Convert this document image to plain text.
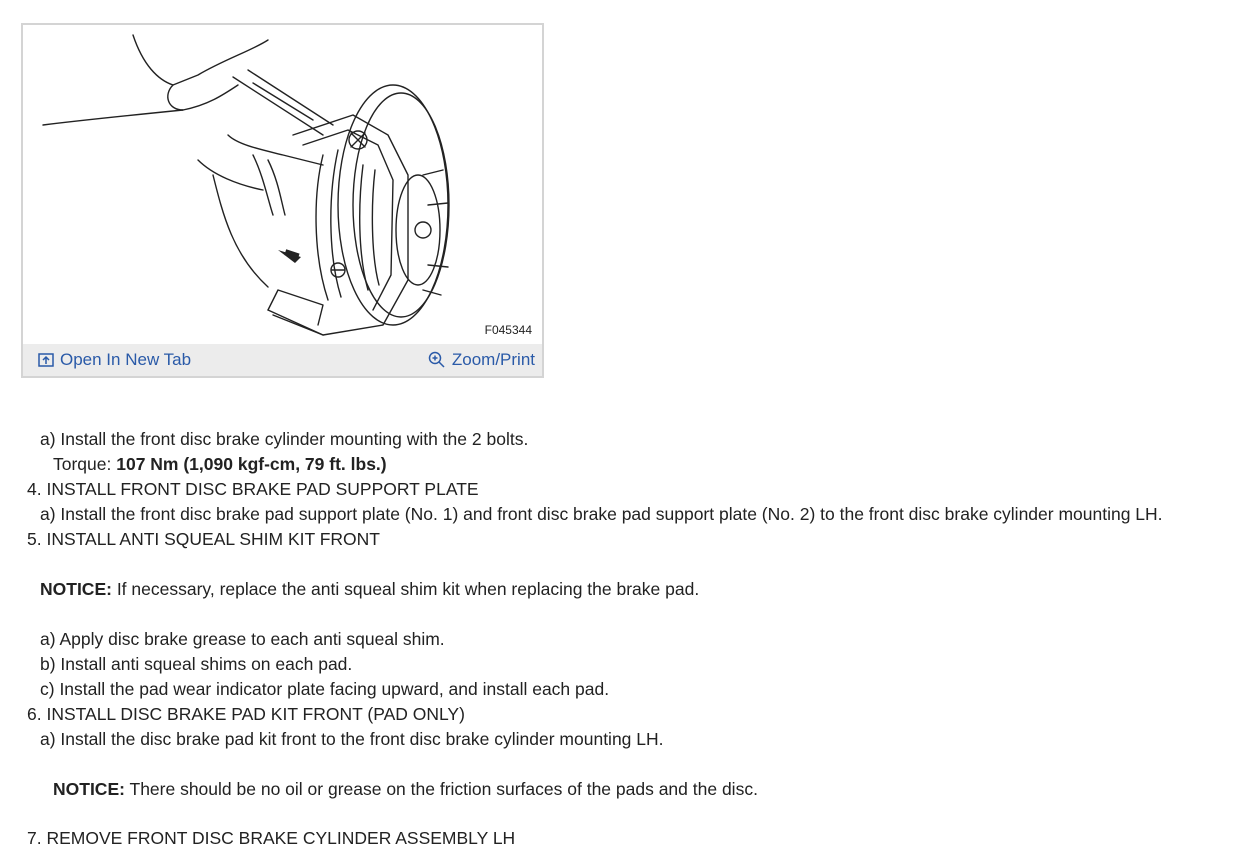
F045344
Open In New Tab	Zoom/Print
a) Install the front disc brake cylinder mounting with the 2 bolts.
Torque: 107 Nm (1,090 kgf-cm, 79 ft. lbs.)
4. INSTALL FRONT DISC BRAKE PAD SUPPORT PLATE
a) Install the front disc brake pad support plate (No. 1) and front disc brake pad support plate (No. 2) to the front disc brake cylinder mounting LH.
5. INSTALL ANTI SQUEAL SHIM KIT FRONT
NOTICE: If necessary, replace the anti squeal shim kit when replacing the brake pad.
a) Apply disc brake grease to each anti squeal shim.
b) Install anti squeal shims on each pad.
c) Install the pad wear indicator plate facing upward, and install each pad.
6. INSTALL DISC BRAKE PAD KIT FRONT (PAD ONLY)
a) Install the disc brake pad kit front to the front disc brake cylinder mounting LH.
NOTICE: There should be no oil or grease on the friction surfaces of the pads and the disc.
7. REMOVE FRONT DISC BRAKE CYLINDER ASSEMBLY LH
